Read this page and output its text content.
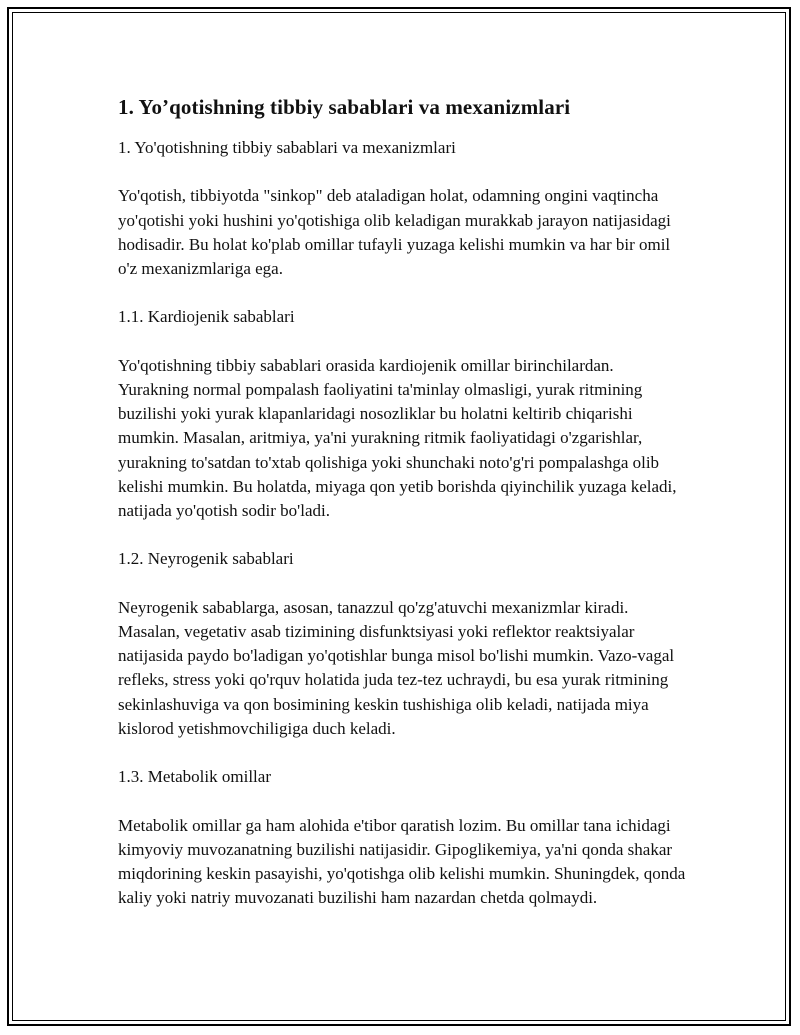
1. Yo’qotishning tibbiy sabablari va mexanizmlari

1. Yo'qotishning tibbiy sabablari va mexanizmlari

Yo'qotish, tibbiyotda "sinkop" deb ataladigan holat, odamning ongini vaqtincha yo'qotishi yoki hushini yo'qotishiga olib keladigan murakkab jarayon natijasidagi hodisadir. Bu holat ko'plab omillar tufayli yuzaga kelishi mumkin va har bir omil o'z mexanizmlariga ega.

1.1. Kardiojenik sabablari

Yo'qotishning tibbiy sabablari orasida kardiojenik omillar birinchilardan. Yurakning normal pompalash faoliyatini ta'minlay olmasligi, yurak ritmining buzilishi yoki yurak klapanlaridagi nosozliklar bu holatni keltirib chiqarishi mumkin. Masalan, aritmiya, ya'ni yurakning ritmik faoliyatidagi o'zgarishlar, yurakning to'satdan to'xtab qolishiga yoki shunchaki noto'g'ri pompalashga olib kelishi mumkin. Bu holatda, miyaga qon yetib borishda qiyinchilik yuzaga keladi, natijada yo'qotish sodir bo'ladi.

1.2. Neyrogenik sabablari

Neyrogenik sabablarga, asosan, tanazzul qo'zg'atuvchi mexanizmlar kiradi. Masalan, vegetativ asab tizimining disfunktsiyasi yoki reflektor reaktsiyalar natijasida paydo bo'ladigan yo'qotishlar bunga misol bo'lishi mumkin. Vazo-vagal refleks, stress yoki qo'rquv holatida juda tez-tez uchraydi, bu esa yurak ritmining sekinlashuviga va qon bosimining keskin tushishiga olib keladi, natijada miya kislorod yetishmovchiligiga duch keladi.

1.3. Metabolik omillar

Metabolik omillar ga ham alohida e'tibor qaratish lozim. Bu omillar tana ichidagi kimyoviy muvozanatning buzilishi natijasidir. Gipoglikemiya, ya'ni qonda shakar miqdorining keskin pasayishi, yo'qotishga olib kelishi mumkin. Shuningdek, qonda kaliy yoki natriy muvozanati buzilishi ham nazardan chetda qolmaydi.
